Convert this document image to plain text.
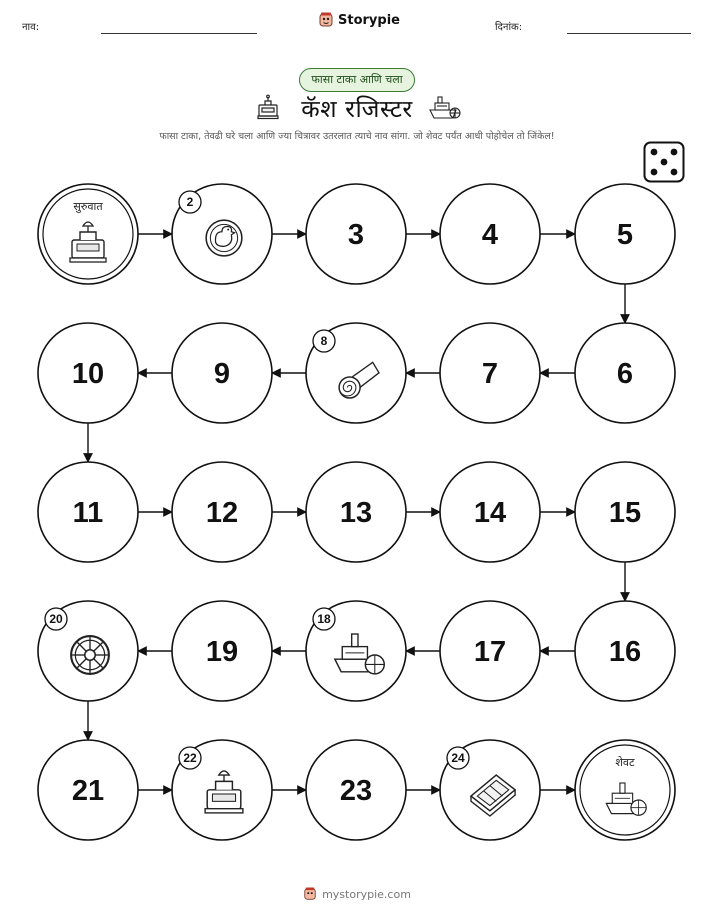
नाव:	Storypie	दिनांक:
फासा टाका आणि चला
कॅश रजिस्टर
फासा टाका, तेवढी घरे चला आणि ज्या चित्रावर उतरलात त्याचे नाव सांगा. जो शेवट पर्यंत आधी पोहोचेल तो जिंकेल!
सुरुवात	2
3	4	5
6
7
8
9
10
11	12	13	14	15
16
17
18
19
20
21
22
23
24	शेवट
mystorypie.com
